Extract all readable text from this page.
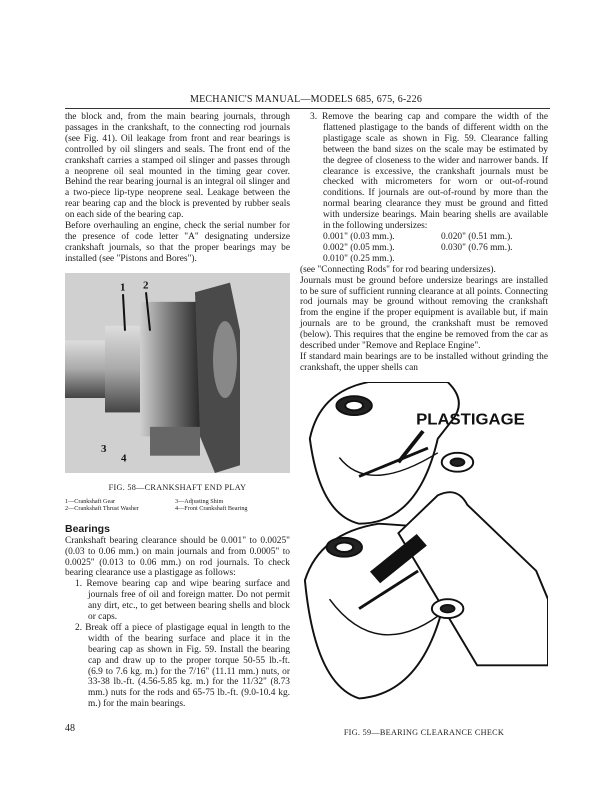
MECHANIC'S MANUAL—MODELS 685, 675, 6-226

the block and, from the main bearing journals, through passages in the crankshaft, to the connecting rod journals (see Fig. 41). Oil leakage from front and rear bearings is controlled by oil slingers and seals. The front end of the crankshaft carries a stamped oil slinger and passes through a neoprene oil seal mounted in the timing gear cover. Behind the rear bearing journal is an integral oil slinger and a two-piece lip-type neoprene seal. Leakage between the rear bearing cap and the block is prevented by rubber seals on each side of the bearing cap.

Before overhauling an engine, check the serial number for the presence of code letter "A" designating undersize crankshaft journals, so that the proper bearings may be installed (see "Pistons and Bores").

1 2
3
4
FIG. 58—CRANKSHAFT END PLAY
1—Crankshaft Gear	3—Adjusting Shim
2—Crankshaft Thrust Washer	4—Front Crankshaft Bearing
Bearings

Crankshaft bearing clearance should be 0.001" to 0.0025" (0.03 to 0.06 mm.) on main journals and from 0.0005" to 0.0025" (0.013 to 0.06 mm.) on rod journals. To check bearing clearance use a plastigage as follows:

1. Remove bearing cap and wipe bearing surface and journals free of oil and foreign matter. Do not permit any dirt, etc., to get between bearing shells and block or caps.

2. Break off a piece of plastigage equal in length to the width of the bearing surface and place it in the bearing cap as shown in Fig. 59. Install the bearing cap and draw up to the proper torque 50-55 lb.-ft. (6.9 to 7.6 kg. m.) for the 7/16" (11.11 mm.) nuts, or 33-38 lb.-ft. (4.56-5.85 kg. m.) for the 11/32" (8.73 mm.) nuts for the rods and 65-75 lb.-ft. (9.0-10.4 kg. m.) for the main bearings.

48

3. Remove the bearing cap and compare the width of the flattened plastigage to the bands of different width on the plastigage scale as shown in Fig. 59. Clearance falling between the band sizes on the scale may be estimated by the degree of closeness to the wider and narrower bands. If clearance is excessive, the crankshaft journals must be checked with micrometers for worn or out-of-round conditions. If journals are out-of-round by more than the normal bearing clearance they must be ground and fitted with undersize bearings. Main bearing shells are available in the following undersizes:

0.001" (0.03 mm.).	0.020" (0.51 mm.).
0.002" (0.05 mm.).	0.030" (0.76 mm.).
0.010" (0.25 mm.).

(see "Connecting Rods" for rod bearing undersizes).

Journals must be ground before undersize bearings are installed to be sure of sufficient running clearance at all points. Connecting rod journals may be ground without removing the crankshaft from the engine if the proper equipment is available but, if main journals are to be ground, the crankshaft must be removed (below). This requires that the engine be removed from the car as described under "Remove and Replace Engine".

If standard main bearings are to be installed without grinding the crankshaft, the upper shells can

PLASTIGAGE
FIG. 59—BEARING CLEARANCE CHECK
